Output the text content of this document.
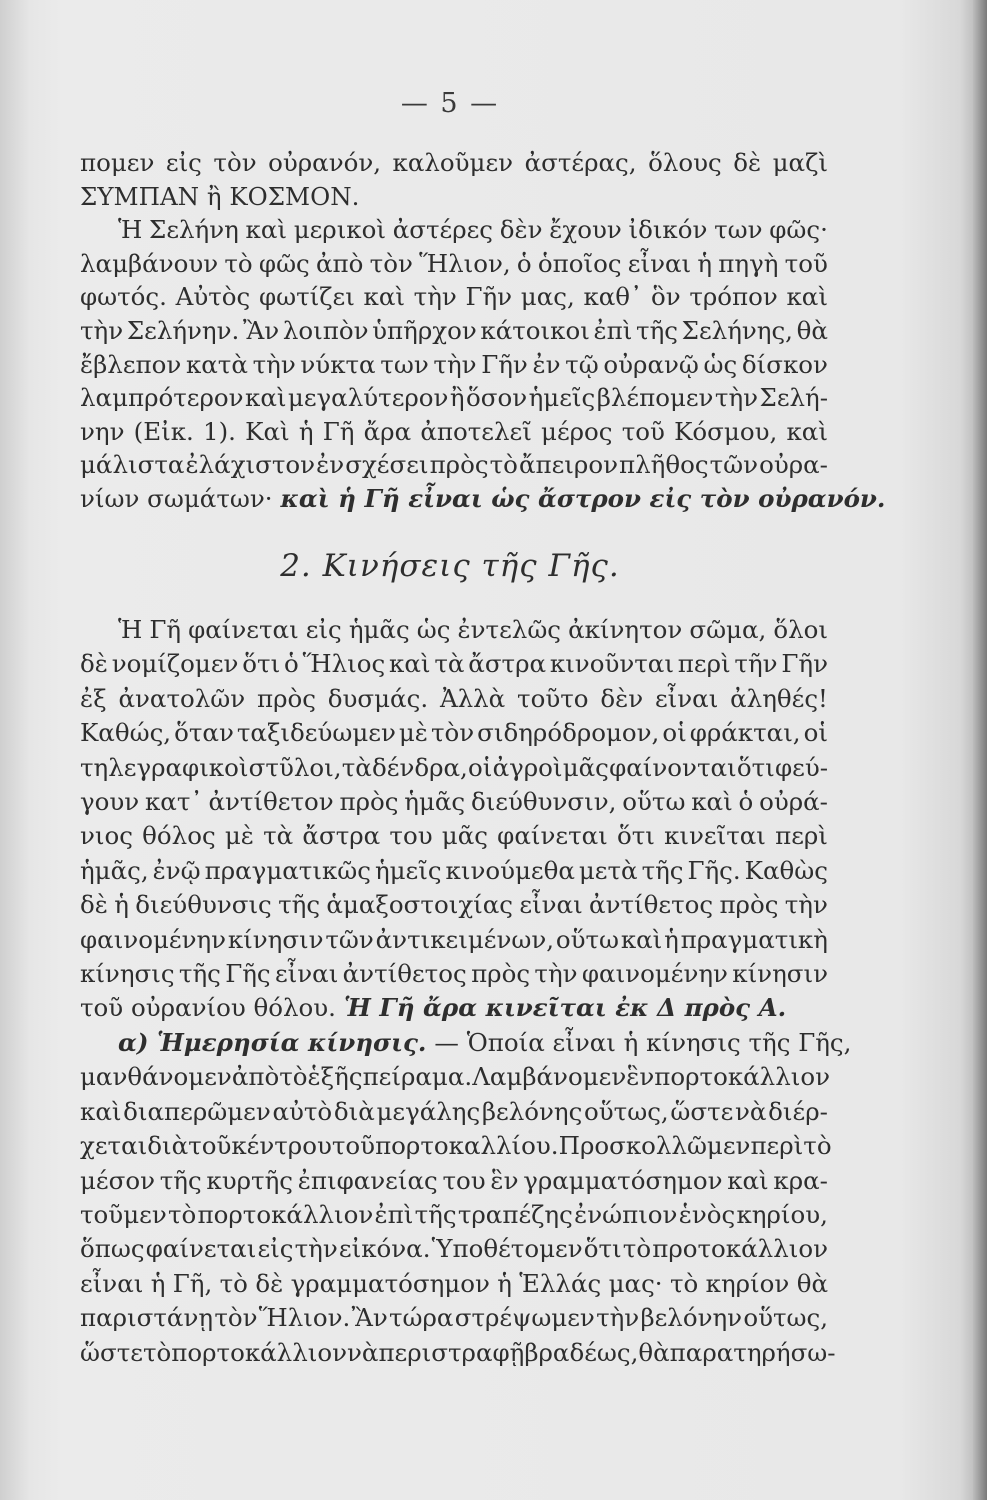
— 5 —
πομεν εἰς τὸν οὐρανόν, καλοῦμεν ἀστέρας, ὅλους δὲ μαζὶ
ΣΥΜΠΑΝ ἢ ΚΟΣΜΟΝ.
Ἡ Σελήνη καὶ μερικοὶ ἀστέρες δὲν ἔχουν ἰδικόν των φῶς·
λαμβάνουν τὸ φῶς ἀπὸ τὸν Ἥλιον, ὁ ὁποῖος εἶναι ἡ πηγὴ τοῦ
φωτός. Αὐτὸς φωτίζει καὶ τὴν Γῆν μας, καθ᾽ ὃν τρόπον καὶ
τὴν Σελήνην. Ἂν λοιπὸν ὑπῆρχον κάτοικοι ἐπὶ τῆς Σελήνης, θὰ
ἔβλεπον κατὰ τὴν νύκτα των τὴν Γῆν ἐν τῷ οὐρανῷ ὡς δίσκον
λαμπρότερον καὶ μεγαλύτερον ἢ ὅσον ἡμεῖς βλέπομεν τὴν Σελή-
νην (Εἰκ. 1). Καὶ ἡ Γῆ ἄρα ἀποτελεῖ μέρος τοῦ Κόσμου, καὶ
μάλιστα ἐλάχιστον ἐν σχέσει πρὸς τὸ ἄπειρον πλῆθος τῶν οὐρα-
νίων σωμάτων· καὶ ἡ Γῆ εἶναι ὡς ἄστρον εἰς τὸν οὐρανόν.
2. Κινήσεις τῆς Γῆς.
Ἡ Γῆ φαίνεται εἰς ἡμᾶς ὡς ἐντελῶς ἀκίνητον σῶμα, ὅλοι
δὲ νομίζομεν ὅτι ὁ Ἥλιος καὶ τὰ ἄστρα κινοῦνται περὶ τῆν Γῆν
ἐξ ἀνατολῶν πρὸς δυσμάς. Ἀλλὰ τοῦτο δὲν εἶναι ἀληθές!
Καθώς, ὅταν ταξιδεύωμεν μὲ τὸν σιδηρόδρομον, οἱ φράκται, οἱ
τηλεγραφικοὶ στῦλοι, τὰ δένδρα, οἱ ἀγροὶ μᾶς φαίνονται ὅτι φεύ-
γουν κατ᾽ ἀντίθετον πρὸς ἡμᾶς διεύθυνσιν, οὕτω καὶ ὁ οὐρά-
νιος θόλος μὲ τὰ ἄστρα του μᾶς φαίνεται ὅτι κινεῖται περὶ
ἡμᾶς, ἐνῷ πραγματικῶς ἡμεῖς κινούμεθα μετὰ τῆς Γῆς. Καθὼς
δὲ ἡ διεύθυνσις τῆς ἁμαξοστοιχίας εἶναι ἀντίθετος πρὸς τὴν
φαινομένην κίνησιν τῶν ἀντικειμένων, οὕτω καὶ ἡ πραγματικὴ
κίνησις τῆς Γῆς εἶναι ἀντίθετος πρὸς τὴν φαινομένην κίνησιν
τοῦ οὐρανίου θόλου. Ἡ Γῆ ἄρα κινεῖται ἐκ Δ πρὸς Α.
α) Ἡμερησία κίνησις. — Ὁποία εἶναι ἡ κίνησις τῆς Γῆς,
μανθάνομεν ἀπὸ τὸ ἑξῆς πείραμα. Λαμβάνομεν ἓν πορτοκάλλιον
καὶ διαπερῶμεν αὐτὸ διὰ μεγάλης βελόνης οὕτως, ὥστε νὰ διέρ-
χεται διὰ τοῦ κέντρου τοῦ πορτοκαλλίου. Προσκολλῶμεν περὶ τὸ
μέσον τῆς κυρτῆς ἐπιφανείας του ἓν γραμματόσημον καὶ κρα-
τοῦμεν τὸ πορτοκάλλιον ἐπὶ τῆς τραπέζης ἐνώπιον ἑνὸς κηρίου,
ὅπως φαίνεται εἰς τὴν εἰκόνα. Ὑποθέτομεν ὅτι τὸ προτοκάλλιον
εἶναι ἡ Γῆ, τὸ δὲ γραμματόσημον ἡ Ἑλλάς μας· τὸ κηρίον θὰ
παριστάνῃ τὸν Ἥλιον. Ἂν τώρα στρέψωμεν τὴν βελόνην οὕτως,
ὥστε τὸ πορτοκάλλιον νὰ περιστραφῇ βραδέως, θὰ παρατηρήσω-
